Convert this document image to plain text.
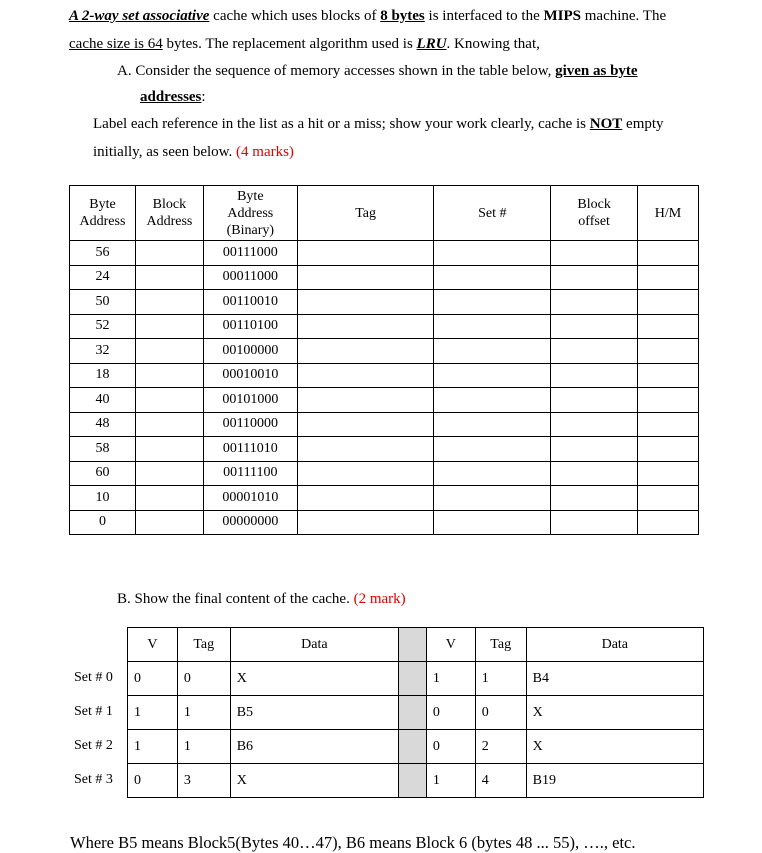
A 2-way set associative cache which uses blocks of 8 bytes is interfaced to the MIPS machine. The
cache size is 64 bytes. The replacement algorithm used is LRU. Knowing that,
A. Consider the sequence of memory accesses shown in the table below, given as byte
addresses:
Label each reference in the list as a hit or a miss; show your work clearly, cache is NOT empty
initially, as seen below. (4 marks)
Byte
Address	Block
Address	Byte
Address
(Binary)	Tag	Set #	Block
offset	H/M
56		00111000				
24		00011000				
50		00110010				
52		00110100				
32		00100000				
18		00010010				
40		00101000				
48		00110000				
58		00111010				
60		00111100				
10		00001010				
0		00000000				
B. Show the final content of the cache. (2 mark)
Set # 0
Set # 1
Set # 2
Set # 3
V	Tag	Data		V	Tag	Data
0	0	X		1	1	B4
1	1	B5		0	0	X
1	1	B6		0	2	X
0	3	X		1	4	B19
Where B5 means Block5(Bytes 40…47), B6 means Block 6 (bytes 48 ... 55), …., etc.
